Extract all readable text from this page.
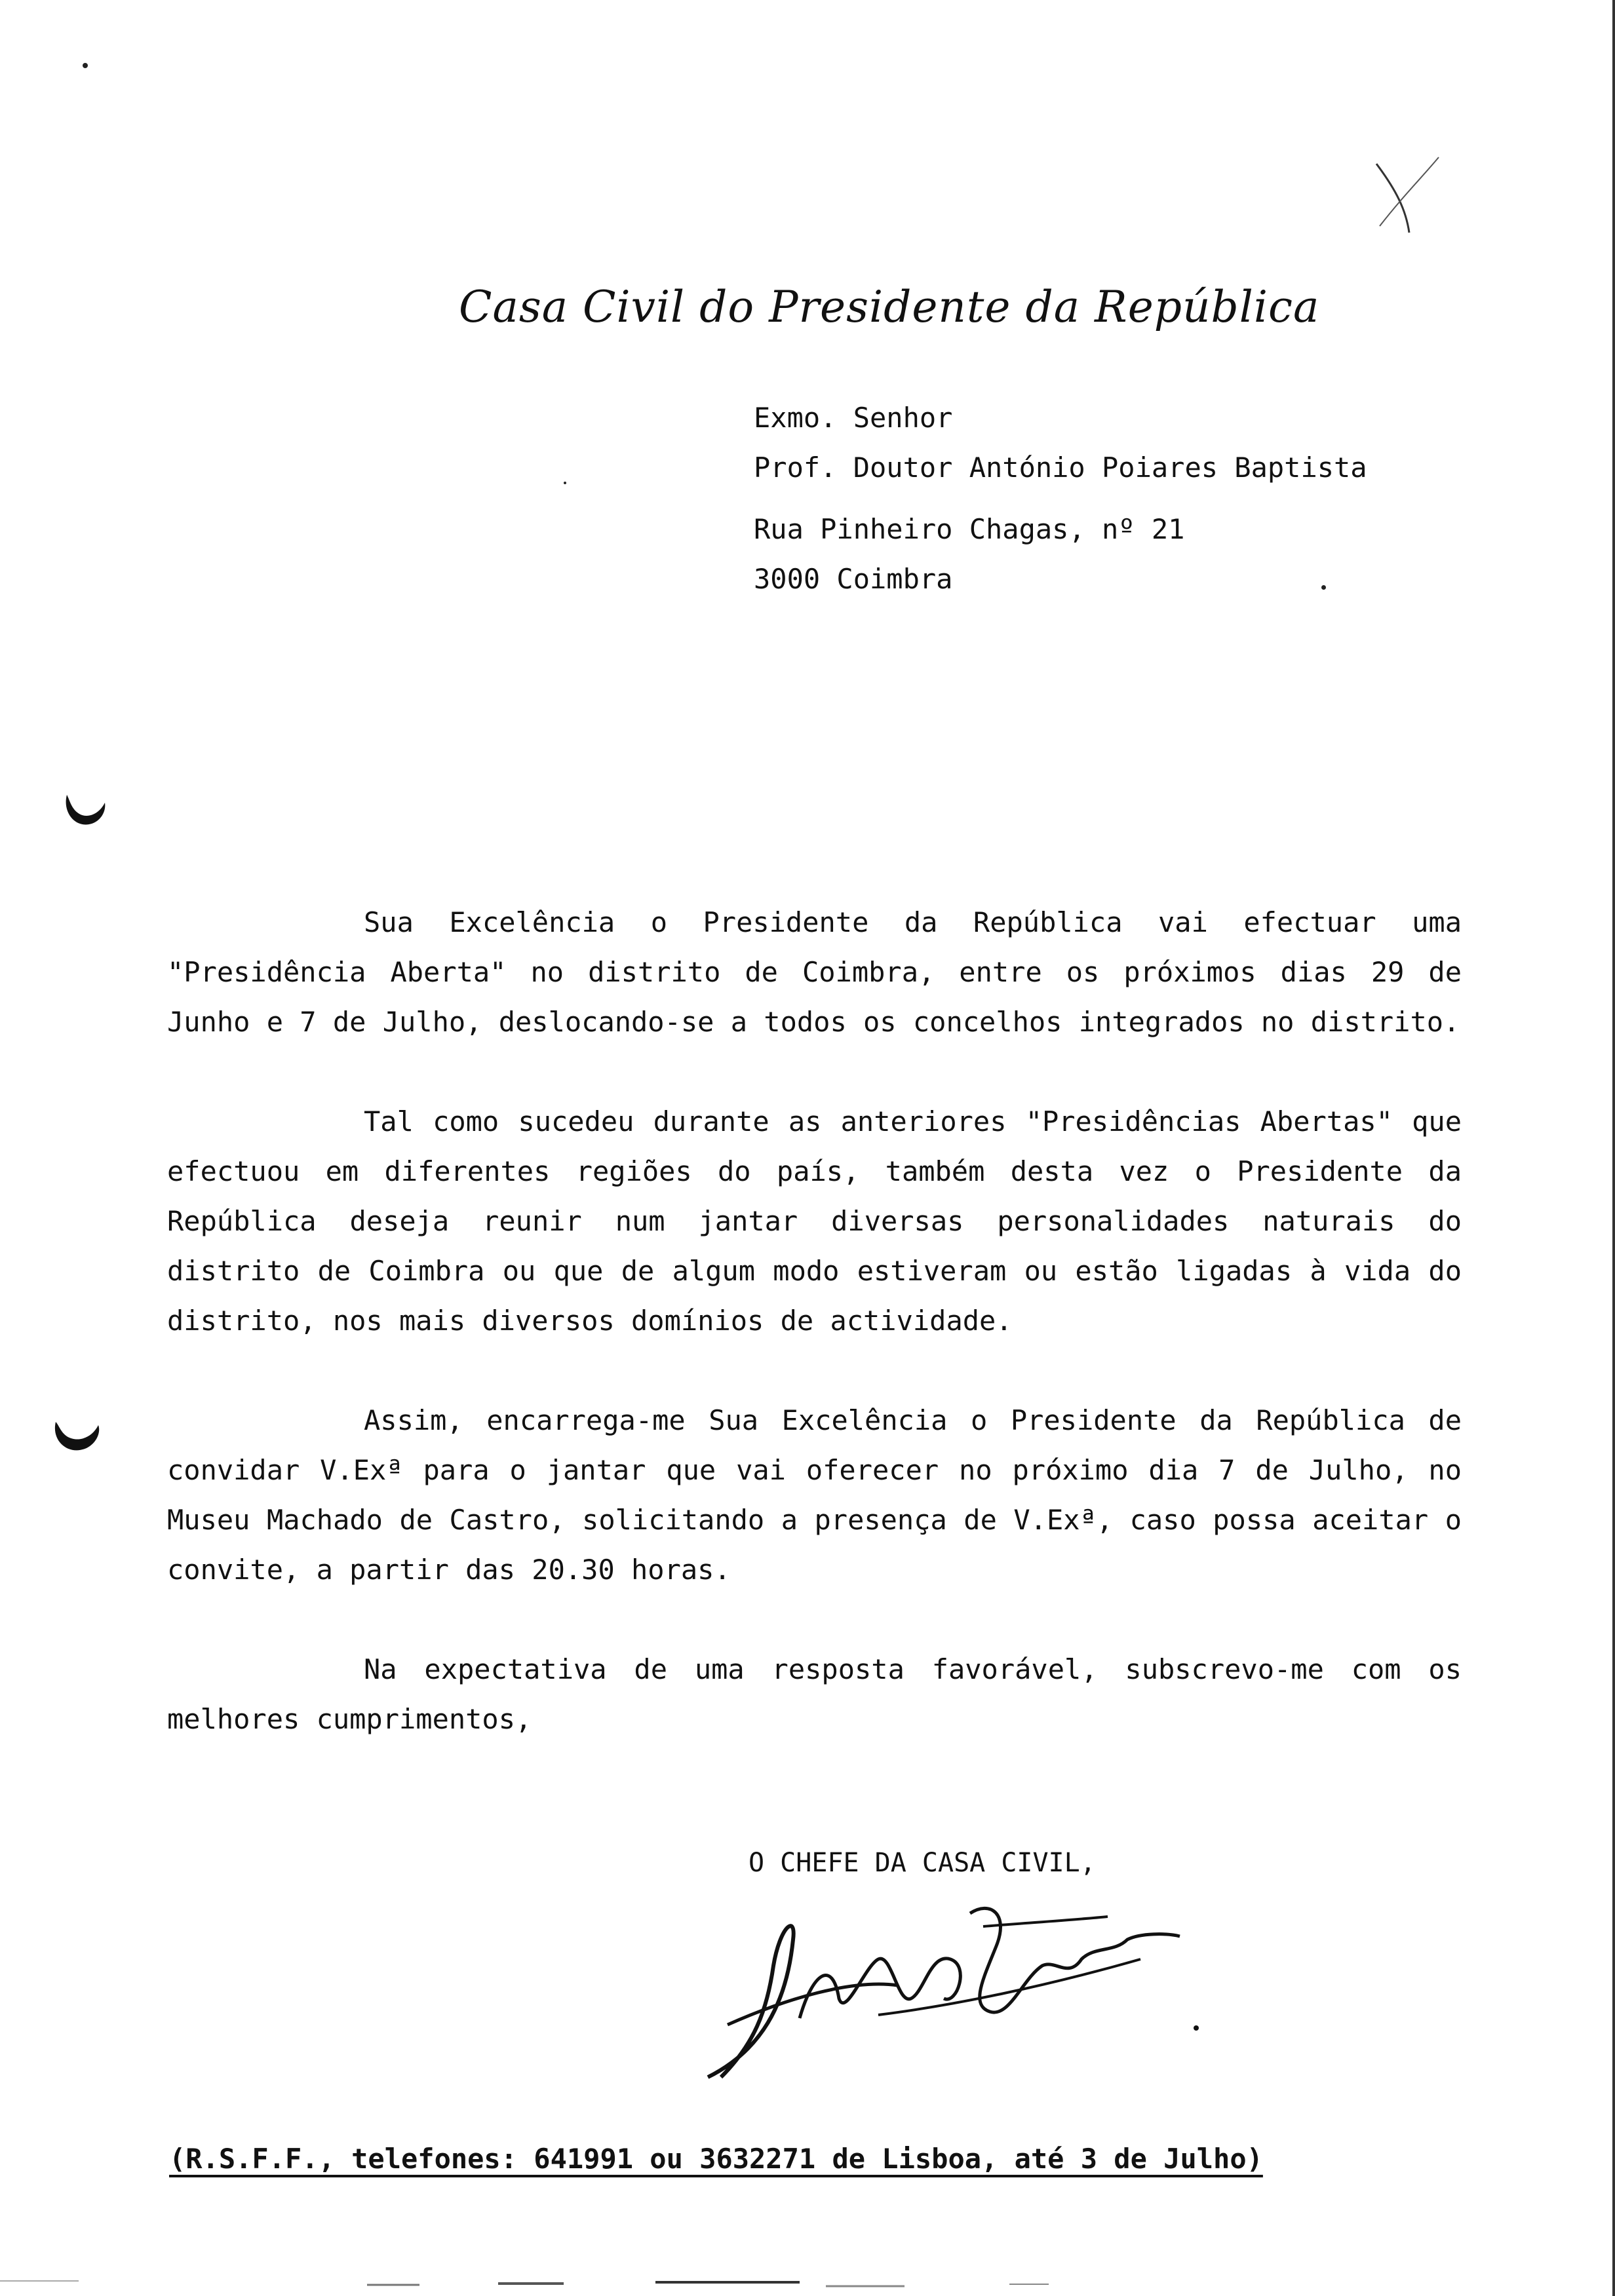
Casa Civil do Presidente da República
Exmo. Senhor
Prof. Doutor António Poiares Baptista
Rua Pinheiro Chagas, nº 21
3000 Coimbra

Sua Excelência o Presidente da República vai efectuar uma "Presidência Aberta" no distrito de Coimbra, entre os próximos dias 29 de Junho e 7 de Julho, deslocando-se a todos os concelhos integrados no distrito.

Tal como sucedeu durante as anteriores "Presidências Abertas" que efectuou em diferentes regiões do país, também desta vez o Presidente da República deseja reunir num jantar diversas personalidades naturais do distrito de Coimbra ou que de algum modo estiveram ou estão ligadas à vida do distrito, nos mais diversos domínios de actividade.

Assim, encarrega-me Sua Excelência o Presidente da República de convidar V.Exª para o jantar que vai oferecer no próximo dia 7 de Julho, no Museu Machado de Castro, solicitando a presença de V.Exª, caso possa aceitar o convite, a partir das 20.30 horas.

Na expectativa de uma resposta favorável, subscrevo-me com os melhores cumprimentos,

O CHEFE DA CASA CIVIL,
(R.S.F.F., telefones: 641991 ou 3632271 de Lisboa, até 3 de Julho)
